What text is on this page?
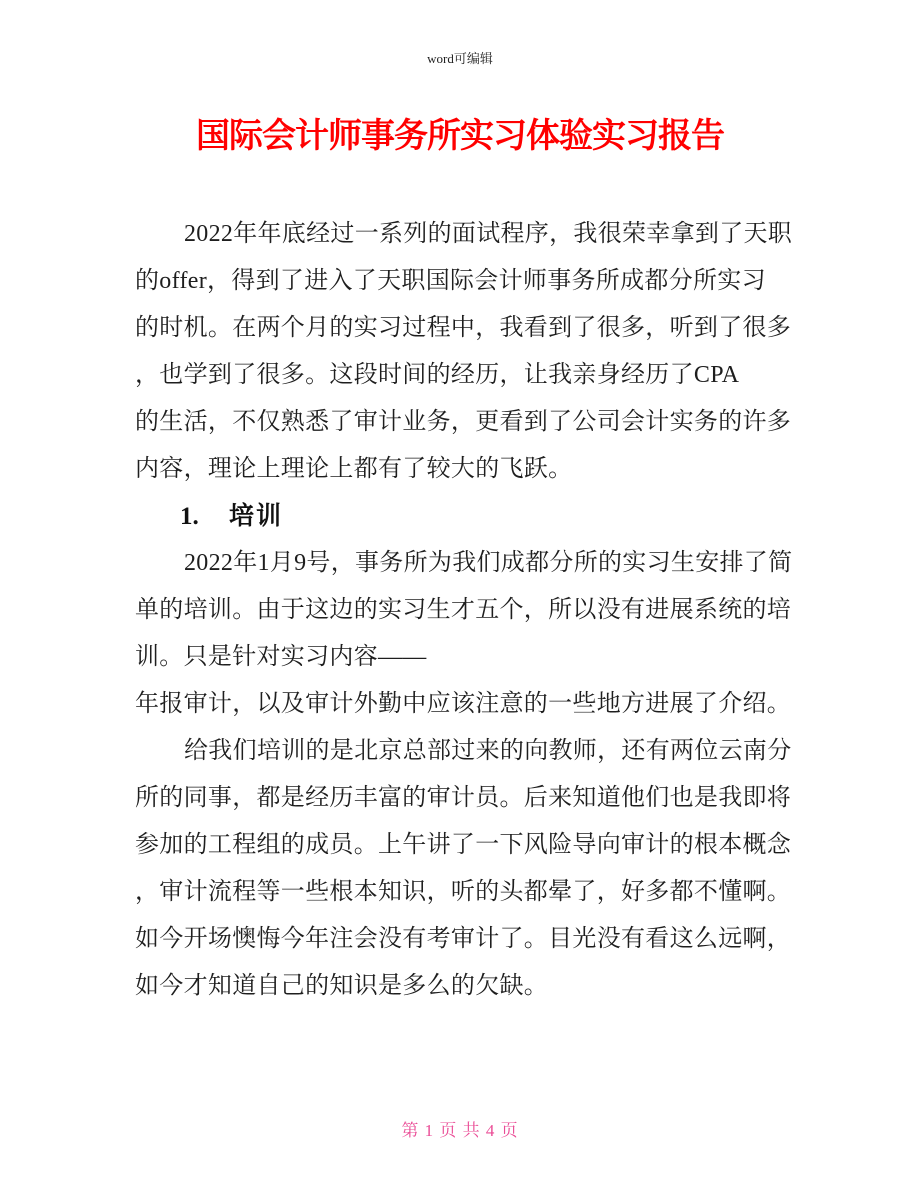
word可编辑
国际会计师事务所实习体验实习报告

2022年年底经过一系列的面试程序，我很荣幸拿到了天职

的offer，得到了进入了天职国际会计师事务所成都分所实习

的时机。在两个月的实习过程中，我看到了很多，听到了很多

，也学到了很多。这段时间的经历，让我亲身经历了CPA

的生活，不仅熟悉了审计业务，更看到了公司会计实务的许多

内容，理论上理论上都有了较大的飞跃。

1. 培训

2022年1月9号，事务所为我们成都分所的实习生安排了简

单的培训。由于这边的实习生才五个，所以没有进展系统的培

训。只是针对实习内容——

年报审计，以及审计外勤中应该注意的一些地方进展了介绍。

给我们培训的是北京总部过来的向教师，还有两位云南分

所的同事，都是经历丰富的审计员。后来知道他们也是我即将

参加的工程组的成员。上午讲了一下风险导向审计的根本概念

，审计流程等一些根本知识，听的头都晕了，好多都不懂啊。

如今开场懊悔今年注会没有考审计了。目光没有看这么远啊，

如今才知道自己的知识是多么的欠缺。

第 1 页 共 4 页
